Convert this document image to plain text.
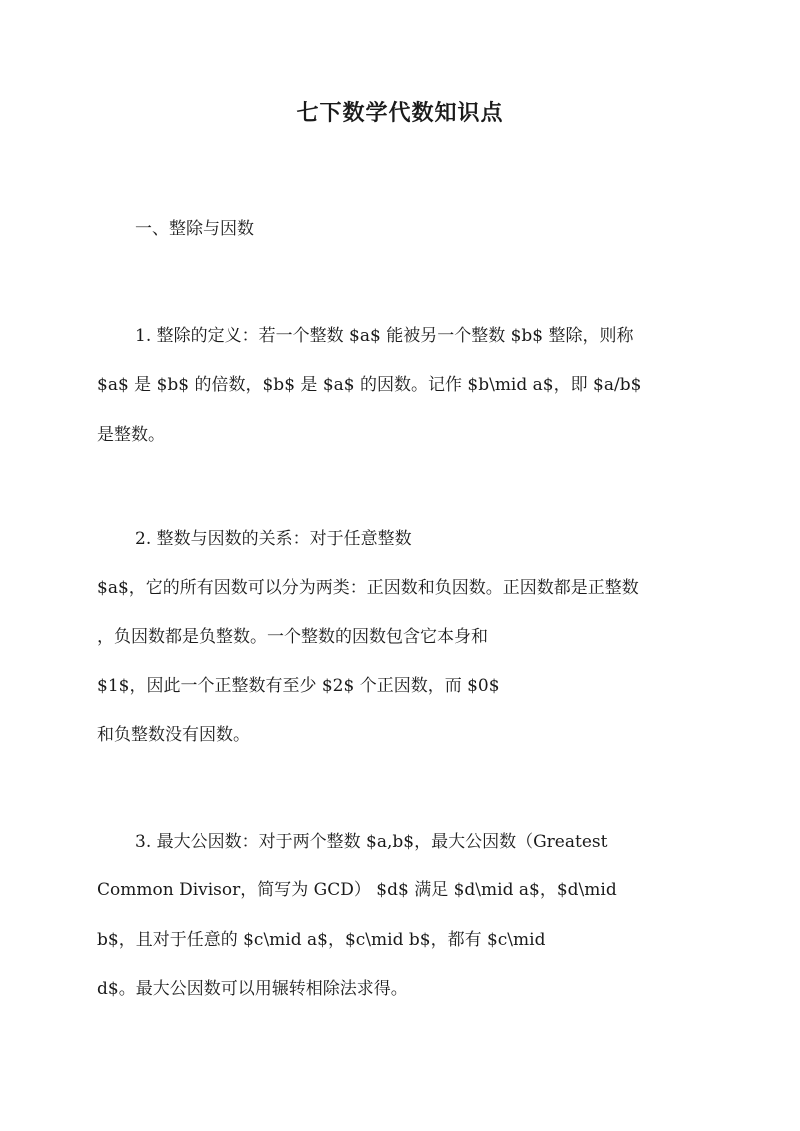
七下数学代数知识点
一、整除与因数
1. 整除的定义：若一个整数 $a$ 能被另一个整数 $b$ 整除，则称
$a$ 是 $b$ 的倍数，$b$ 是 $a$ 的因数。记作 $b\mid a$，即 $a/b$
是整数。
2. 整数与因数的关系：对于任意整数
$a$，它的所有因数可以分为两类：正因数和负因数。正因数都是正整数
，负因数都是负整数。一个整数的因数包含它本身和
$1$，因此一个正整数有至少 $2$ 个正因数，而 $0$
和负整数没有因数。
3. 最大公因数：对于两个整数 $a,b$，最大公因数（Greatest
Common Divisor，简写为 GCD） $d$ 满足 $d\mid a$，$d\mid
b$，且对于任意的 $c\mid a$，$c\mid b$，都有 $c\mid
d$。最大公因数可以用辗转相除法求得。
